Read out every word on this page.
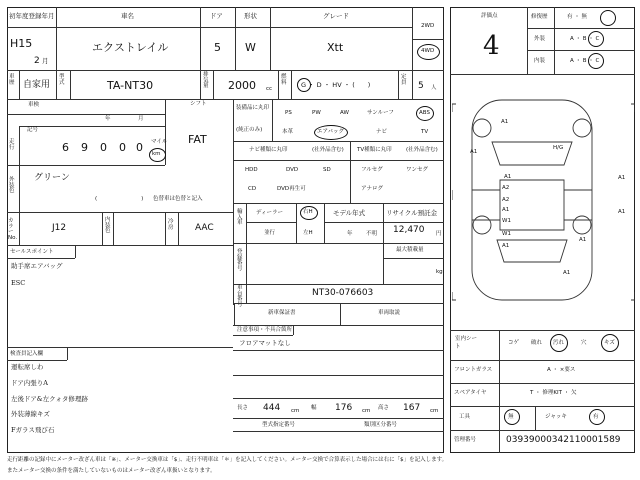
初年度登録年月
H15
2 月
車名
エクストレイル
ドア
5
形状
W
グレード
Xtt
2WD
4WD
車歴 自家用
型式	TA-NT30
排気量 2000 cc
燃料	G ・ D ・ HV ・ (　　)
定員 5 人
車検
年	月
走行
記号
6 9 0 0 0 マイル
km
シフト
FAT
外装色
グリーン
(　　　　　　　　) 色替車は色替と記入
カラーNo.
J12
内装色
冷房 AAC
セールスポイント
助手席エアバッグ
ESC
検査員記入欄
運転席しわ
ドア内張りA
左後ドア&左クォタ修理跡
外装薄線キズ
Fガラス飛び石
装備品に丸印
(純正のみ)
PS	PW	AW	サンルーフ	ABS
本革	エアバッグ	ナビ	TV
ナビ種類に丸印	(社外品含む)
HDD	DVD	SD
CD	DVD再生可
TV種類に丸印	(社外品含む)
フルセグ	ワンセグ
アナログ
輸入車
ディーラー
並行
右H
左H
モデル年式
年 不明
リサイクル預託金
12,470 円
登録番号
最大積載量
kg
車台番号
NT30-076603
新車保証書	車両取説
注意事項・不具合箇所
フロアマットなし
長さ 444 cm 幅 176 cm 高さ 167 cm
型式指定番号	類別区分番号
評価点
4
修復歴	有 ・ 無
外装	A ・ B ・ C
内装	A ・ B ・ C
A1
A1
A1
A2
A2
A1
W1
W1
A1
H/G
A1
A1
A1
A1
室内シート
コゲ 破れ 汚れ	穴	キズ
フロントガラス	A ・ ×要ス
スペアタイヤ	T ・ 修理KIT ・ 欠
工具	無	ジャッキ	有
管理番号	03939000342110001589
走行距離の記録中にメーター改ざん車は「※」、メーター交換車は「$」、走行不明車は「＊」を記入してください。メーター交換で合算表示した場合には右に「$」を記入します。
またメーター交換の条件を満たしていないものはメーター改ざん車扱いとなります。
